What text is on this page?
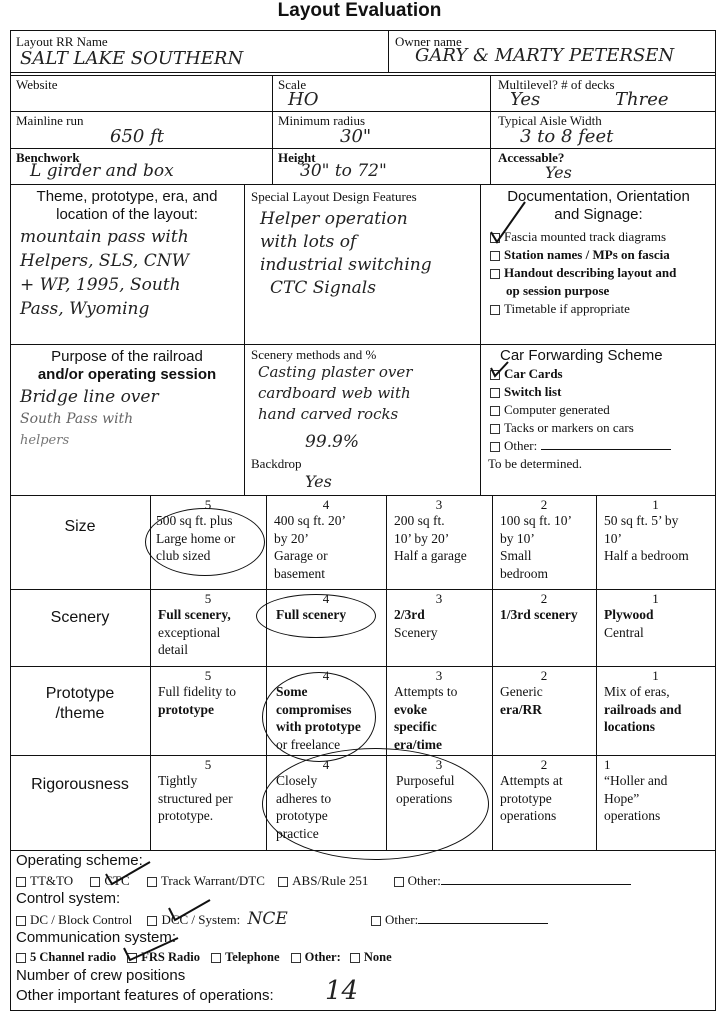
Layout Evaluation
Layout RR Name
SALT LAKE SOUTHERN
Owner name
GARY & MARTY PETERSEN
Website	Scale
HO
Multilevel? # of decks
Yes	Three
Mainline run
650 ft
Minimum radius
30"
Typical Aisle Width
3 to 8 feet
Benchwork
L girder and box
Height
30" to 72"
Accessable?
Yes
Theme, prototype, era, and
location of the layout:
mountain pass with
Helpers, SLS, CNW
+ WP, 1995, South
Pass, Wyoming
Special Layout Design Features
Helper operation
with lots of
industrial switching
CTC Signals
Documentation, Orientation
and Signage:
Fascia mounted track diagrams
Station names / MPs on fascia
Handout describing layout and
op session purpose
Timetable if appropriate
Purpose of the railroad
and/or operating session
Bridge line over
South Pass with
helpers
Scenery methods and %
Casting plaster over
cardboard web with
hand carved rocks
99.9%
Backdrop
Yes
Car Forwarding Scheme
Car Cards
Switch list
Computer generated
Tacks or markers on cars
Other:
To be determined.
Size
5
500 sq ft. plus
Large home or
club sized
4
400 sq ft. 20’
by 20’
Garage or
basement
3
200 sq ft.
10’ by 20’
Half a garage
2
100 sq ft. 10’
by 10’
Small
bedroom
1
50 sq ft. 5’ by
10’
Half a bedroom
Scenery
5
Full scenery,
exceptional
detail
4
Full scenery
3
2/3rd
Scenery
2
1/3rd scenery
1
Plywood
Central
Prototype
/theme
5
Full fidelity to
prototype
4
Some
compromises
with prototype
or freelance
3
Attempts to
evoke
specific
era/time
2
Generic
era/RR
1
Mix of eras,
railroads and
locations
Rigorousness
5
Tightly
structured per
prototype.
4
Closely
adheres to
prototype
practice
3
Purposeful
operations
2
Attempts at
prototype
operations
1
“Holler and
Hope”
operations
Operating scheme:
TT&TO CTC Track Warrant/DTC ABS/Rule 251	Other:
Control system:
DC / Block Control DCC / System: NCE	Other:
Communication system:
5 Channel radio FRS Radio Telephone Other: None
Number of crew positions
Other important features of operations: 14
